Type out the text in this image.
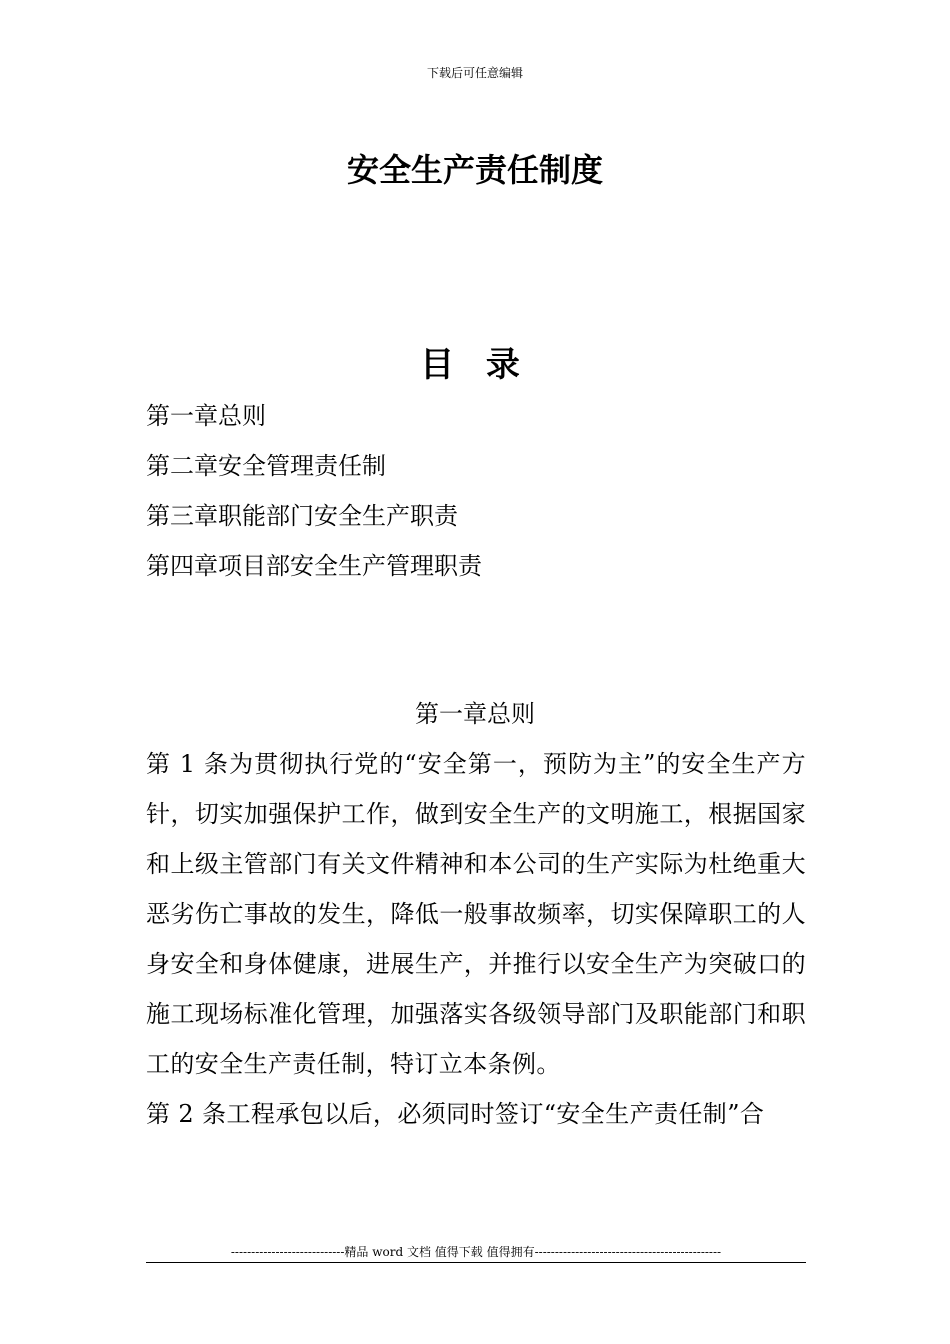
下载后可任意编辑
安全生产责任制度
目 录
第一章总则
第二章安全管理责任制
第三章职能部门安全生产职责
第四章项目部安全生产管理职责
第一章总则

第 1 条为贯彻执行党的“安全第一，预防为主”的安全生产方针，切实加强保护工作，做到安全生产的文明施工，根据国家和上级主管部门有关文件精神和本公司的生产实际为杜绝重大恶劣伤亡事故的发生，降低一般事故频率，切实保障职工的人身安全和身体健康，进展生产，并推行以安全生产为突破口的施工现场标准化管理，加强落实各级领导部门及职能部门和职工的安全生产责任制，特订立本条例。

第 2 条工程承包以后，必须同时签订“安全生产责任制”合

----------------------------精品 word 文档 值得下载 值得拥有----------------------------------------------
